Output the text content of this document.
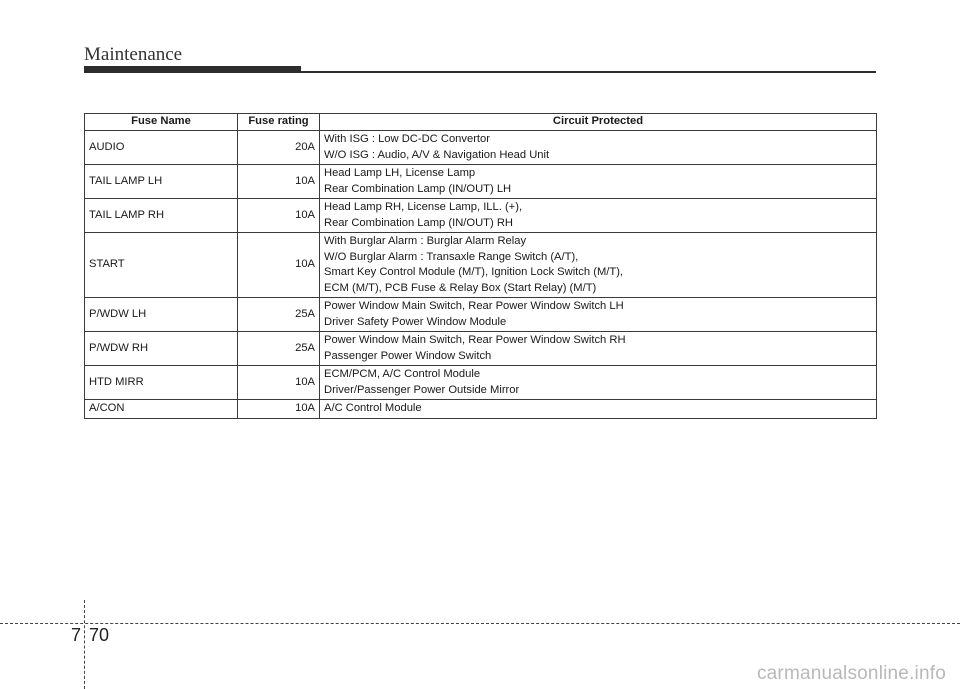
Maintenance
Fuse Name	Fuse rating	Circuit Protected
AUDIO	20A	With ISG : Low DC-DC Convertor
W/O ISG : Audio, A/V & Navigation Head Unit
TAIL LAMP LH	10A	Head Lamp LH, License Lamp
Rear Combination Lamp (IN/OUT) LH
TAIL LAMP RH	10A	Head Lamp RH, License Lamp, ILL. (+),
Rear Combination Lamp (IN/OUT) RH
START	10A	With Burglar Alarm : Burglar Alarm Relay
W/O Burglar Alarm : Transaxle Range Switch (A/T),
Smart Key Control Module (M/T), Ignition Lock Switch (M/T),
ECM (M/T), PCB Fuse & Relay Box (Start Relay) (M/T)
P/WDW LH	25A	Power Window Main Switch, Rear Power Window Switch LH
Driver Safety Power Window Module
P/WDW RH	25A	Power Window Main Switch, Rear Power Window Switch RH
Passenger Power Window Switch
HTD MIRR	10A	ECM/PCM, A/C Control Module
Driver/Passenger Power Outside Mirror
A/CON	10A	A/C Control Module
7 70
carmanualsonline.info
